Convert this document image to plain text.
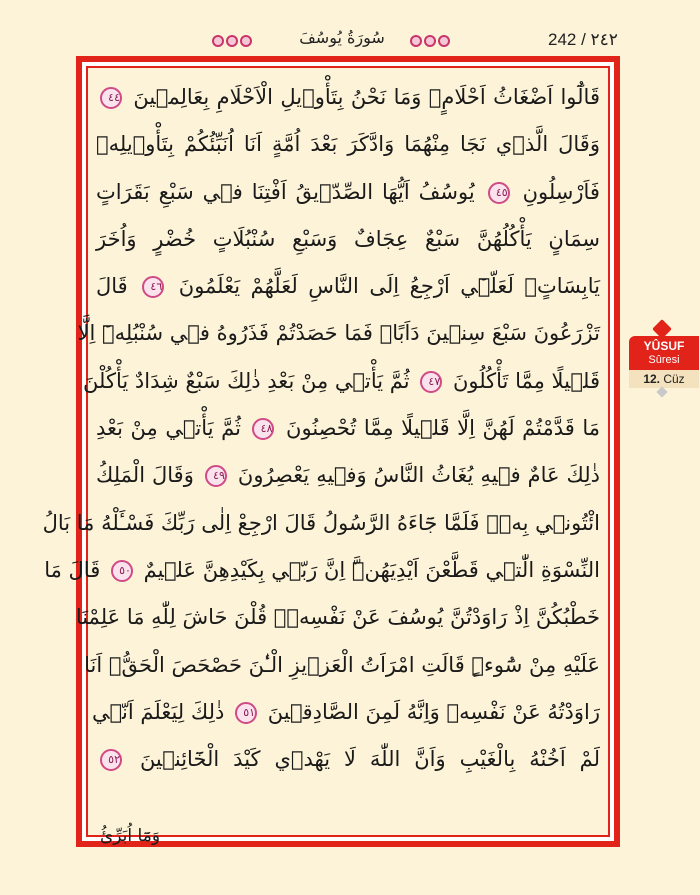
سُورَةُ يُوسُفَ	242 / ٢٤٢
قَالُٓوا اَضْغَاثُ اَحْلَامٍۚ وَمَا نَحْنُ بِتَأْوٖيلِ الْاَحْلَامِ بِعَالِمٖينَ ٤٤
وَقَالَ الَّذٖي نَجَا مِنْهُمَا وَادَّكَرَ بَعْدَ اُمَّةٍ اَنَا اُنَبِّئُكُمْ بِتَأْوٖيلِهٖ
فَاَرْسِلُونِ ٤٥ يُوسُفُ اَيُّهَا الصِّدّٖيقُ اَفْتِنَا فٖي سَبْعِ بَقَرَاتٍ
سِمَانٍ يَأْكُلُهُنَّ سَبْعٌ عِجَافٌ وَسَبْعِ سُنْبُلَاتٍ خُضْرٍ وَاُخَرَ
يَابِسَاتٍۙ لَعَلّٖٓي اَرْجِعُ اِلَى النَّاسِ لَعَلَّهُمْ يَعْلَمُونَ ٤٦ قَالَ
تَزْرَعُونَ سَبْعَ سِنٖينَ دَاَبًاۚ فَمَا حَصَدْتُمْ فَذَرُوهُ فٖي سُنْبُلِهٖٓ اِلَّا
قَلٖيلًا مِمَّا تَأْكُلُونَ ٤٧ ثُمَّ يَأْتٖي مِنْ بَعْدِ ذٰلِكَ سَبْعٌ شِدَادٌ يَأْكُلْنَ
مَا قَدَّمْتُمْ لَهُنَّ اِلَّا قَلٖيلًا مِمَّا تُحْصِنُونَ ٤٨ ثُمَّ يَأْتٖي مِنْ بَعْدِ
ذٰلِكَ عَامٌ فٖيهِ يُغَاثُ النَّاسُ وَفٖيهِ يَعْصِرُونَ ٤٩ وَقَالَ الْمَلِكُ
ائْتُونٖي بِهٖۚ فَلَمَّا جَٓاءَهُ الرَّسُولُ قَالَ ارْجِعْ اِلٰى رَبِّكَ فَسْـَٔلْهُ مَا بَالُ
النِّسْوَةِ الّٰتٖي قَطَّعْنَ اَيْدِيَهُنَّۜ اِنَّ رَبّٖي بِكَيْدِهِنَّ عَلٖيمٌ ٥٠ قَالَ مَا
خَطْبُكُنَّ اِذْ رَاوَدْتُنَّ يُوسُفَ عَنْ نَفْسِهٖۜ قُلْنَ حَاشَ لِلّٰهِ مَا عَلِمْنَا
عَلَيْهِ مِنْ سُٓوءٍۜ قَالَتِ امْرَاَتُ الْعَزٖيزِ الْـٰٔنَ حَصْحَصَ الْحَقُّۘ اَنَا
رَاوَدْتُهُ عَنْ نَفْسِهٖ وَاِنَّهُ لَمِنَ الصَّادِقٖينَ ٥١ ذٰلِكَ لِيَعْلَمَ اَنّٖي
لَمْ اَخُنْهُ بِالْغَيْبِ وَاَنَّ اللّٰهَ لَا يَهْدٖي كَيْدَ الْخَٓائِنٖينَ ٥٢
وَمَٓا اُبَرِّئُ
YÛSUF
Sûresi
12. Cüz
